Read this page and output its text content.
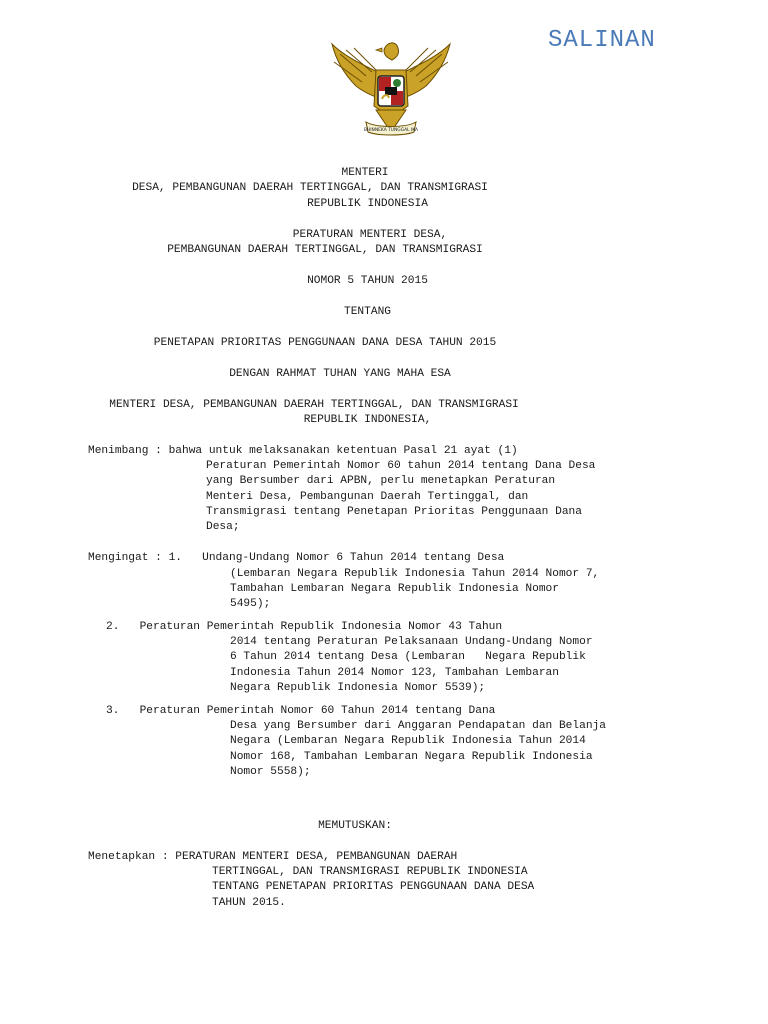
SALINAN
BHINNEKA TUNGGAL IKA
MENTERI
DESA, PEMBANGUNAN DAERAH TERTINGGAL, DAN TRANSMIGRASI
REPUBLIK INDONESIA
PERATURAN MENTERI DESA,
PEMBANGUNAN DAERAH TERTINGGAL, DAN TRANSMIGRASI
NOMOR 5 TAHUN 2015
TENTANG
PENETAPAN PRIORITAS PENGGUNAAN DANA DESA TAHUN 2015
DENGAN RAHMAT TUHAN YANG MAHA ESA
MENTERI DESA, PEMBANGUNAN DAERAH TERTINGGAL, DAN TRANSMIGRASI
REPUBLIK INDONESIA,
Menimbang : bahwa untuk melaksanakan ketentuan Pasal 21 ayat (1)
Peraturan Pemerintah Nomor 60 tahun 2014 tentang Dana Desa
yang Bersumber dari APBN, perlu menetapkan Peraturan
Menteri Desa, Pembangunan Daerah Tertinggal, dan
Transmigrasi tentang Penetapan Prioritas Penggunaan Dana
Desa;
Mengingat : 1.   Undang-Undang Nomor 6 Tahun 2014 tentang Desa
(Lembaran Negara Republik Indonesia Tahun 2014 Nomor 7,
Tambahan Lembaran Negara Republik Indonesia Nomor
5495);
2.   Peraturan Pemerintah Republik Indonesia Nomor 43 Tahun
2014 tentang Peraturan Pelaksanaan Undang-Undang Nomor
6 Tahun 2014 tentang Desa (Lembaran   Negara Republik
Indonesia Tahun 2014 Nomor 123, Tambahan Lembaran
Negara Republik Indonesia Nomor 5539);
3.   Peraturan Pemerintah Nomor 60 Tahun 2014 tentang Dana
Desa yang Bersumber dari Anggaran Pendapatan dan Belanja
Negara (Lembaran Negara Republik Indonesia Tahun 2014
Nomor 168, Tambahan Lembaran Negara Republik Indonesia
Nomor 5558);
MEMUTUSKAN:
Menetapkan : PERATURAN MENTERI DESA, PEMBANGUNAN DAERAH
TERTINGGAL, DAN TRANSMIGRASI REPUBLIK INDONESIA
TENTANG PENETAPAN PRIORITAS PENGGUNAAN DANA DESA
TAHUN 2015.
